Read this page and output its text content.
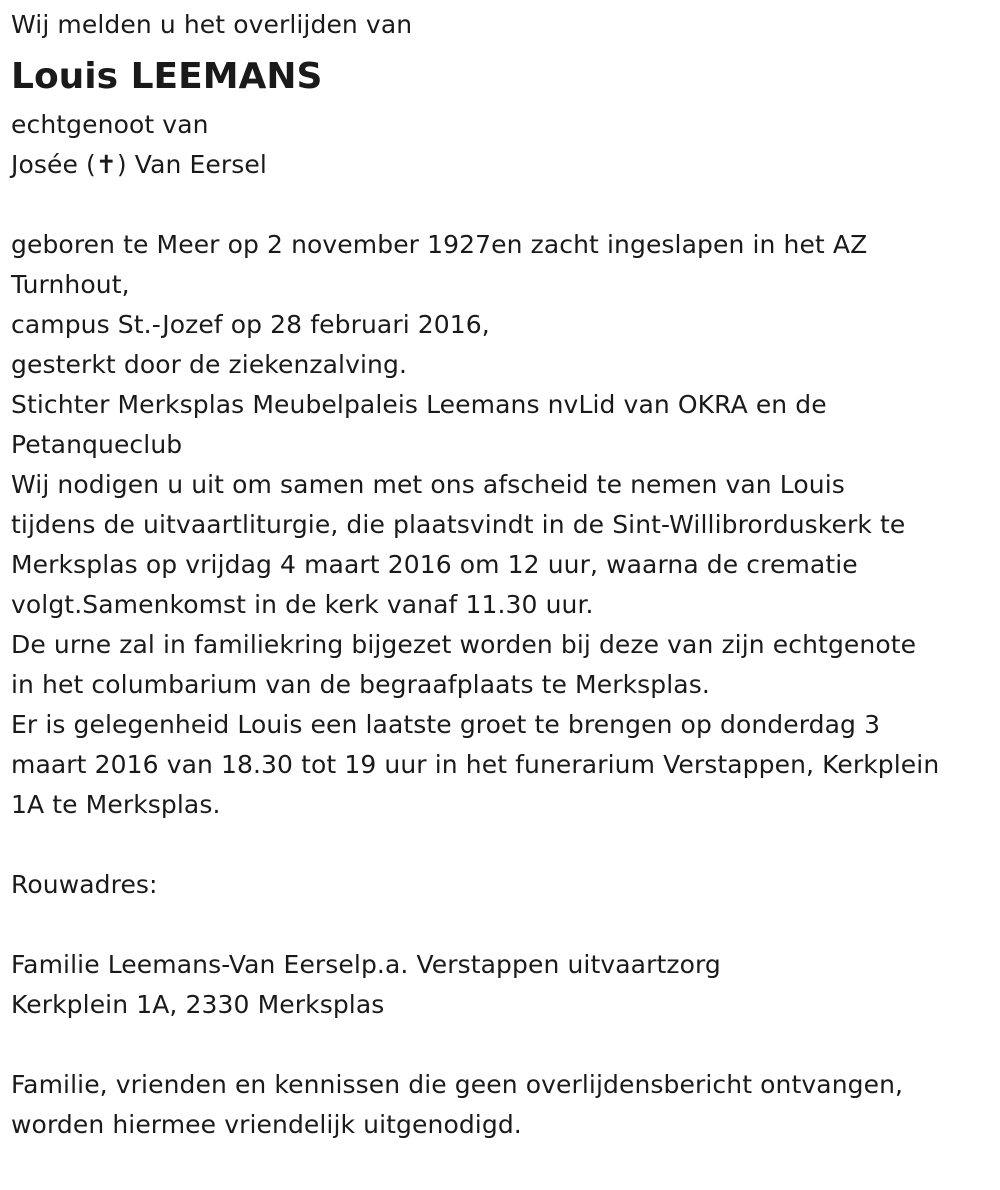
Wij melden u het overlijden van
Louis LEEMANS
echtgenoot van
Josée (✝) Van Eersel
geboren te Meer op 2 november 1927en zacht ingeslapen in het AZ
Turnhout,
campus St.-Jozef op 28 februari 2016,
gesterkt door de ziekenzalving.
Stichter Merksplas Meubelpaleis Leemans nvLid van OKRA en de
Petanqueclub
Wij nodigen u uit om samen met ons afscheid te nemen van Louis
tijdens de uitvaartliturgie, die plaatsvindt in de Sint-Willibrorduskerk te
Merksplas op vrijdag 4 maart 2016 om 12 uur, waarna de crematie
volgt.Samenkomst in de kerk vanaf 11.30 uur.
De urne zal in familiekring bijgezet worden bij deze van zijn echtgenote
in het columbarium van de begraafplaats te Merksplas.
Er is gelegenheid Louis een laatste groet te brengen op donderdag 3
maart 2016 van 18.30 tot 19 uur in het funerarium Verstappen, Kerkplein
1A te Merksplas.
Rouwadres:
Familie Leemans-Van Eerselp.a. Verstappen uitvaartzorg
Kerkplein 1A, 2330 Merksplas
Familie, vrienden en kennissen die geen overlijdensbericht ontvangen,
worden hiermee vriendelijk uitgenodigd.
